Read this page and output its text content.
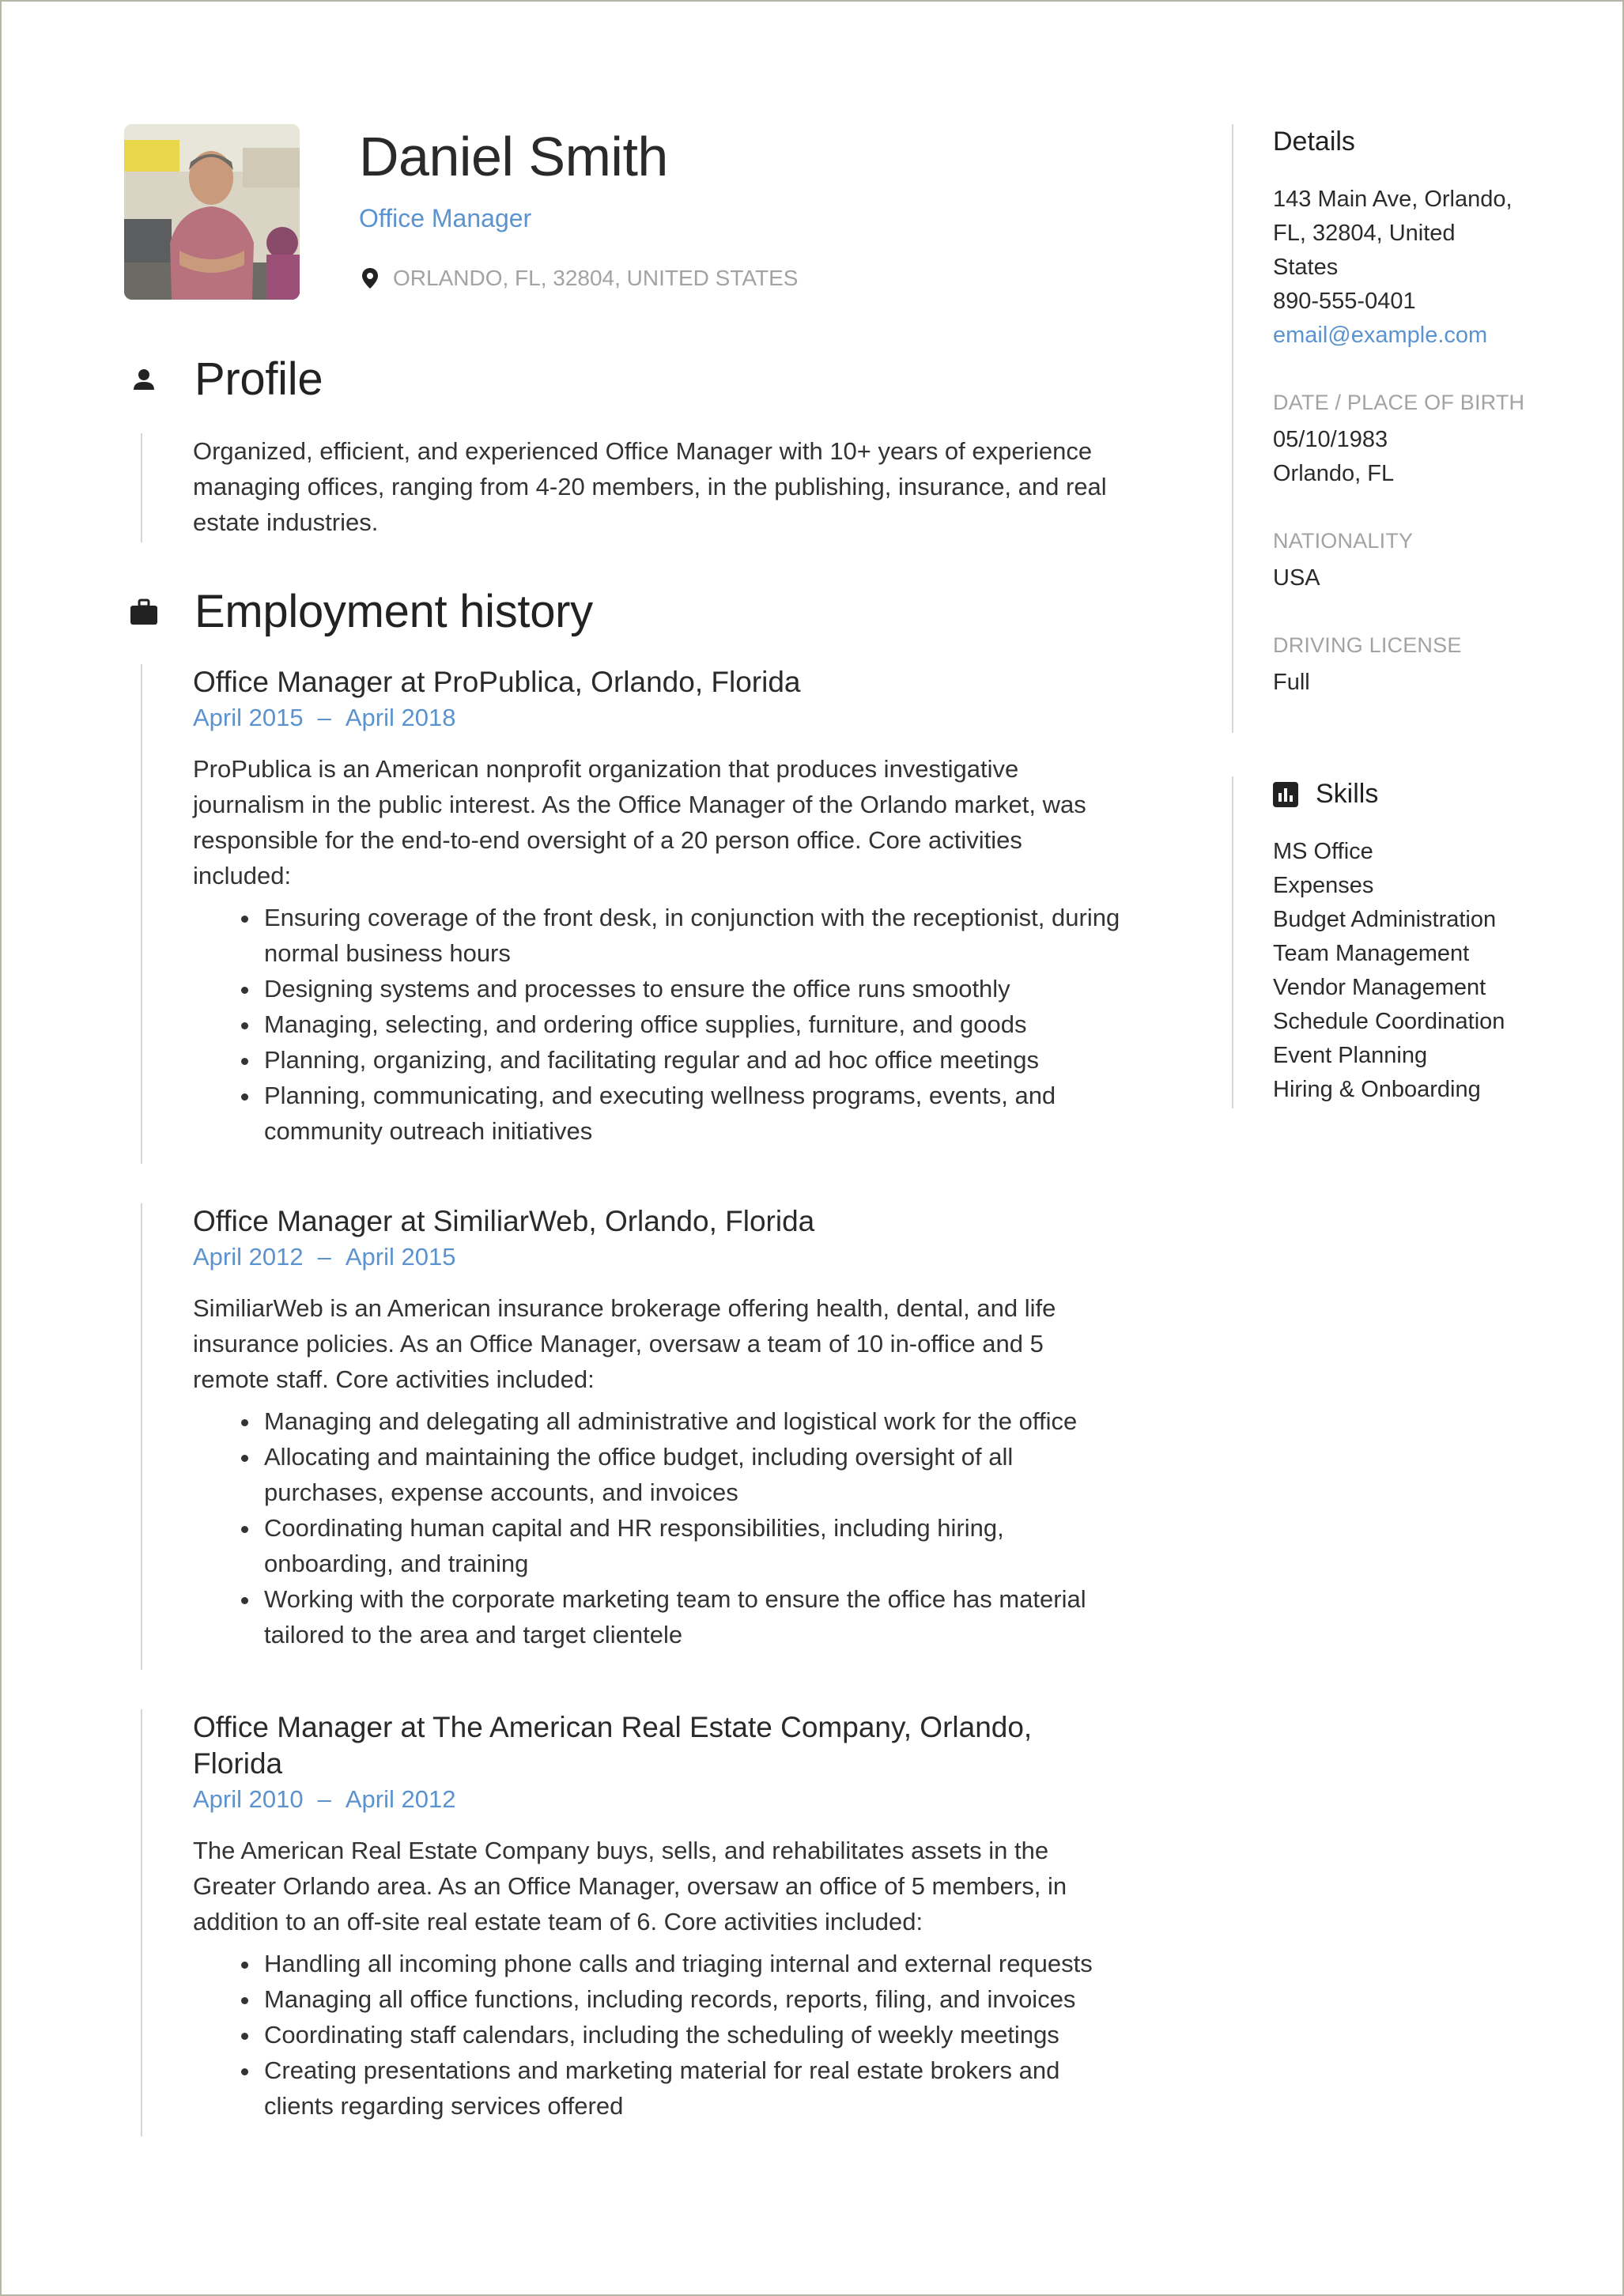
Daniel Smith
Office Manager
ORLANDO, FL, 32804, UNITED STATES
Profile

Organized, efficient, and experienced Office Manager with 10+ years of experience
managing offices, ranging from 4-20 members, in the publishing, insurance, and real
estate industries.

Employment history

Office Manager at ProPublica, Orlando, Florida

April 2015 – April 2018

ProPublica is an American nonprofit organization that produces investigative
journalism in the public interest. As the Office Manager of the Orlando market, was
responsible for the end-to-end oversight of a 20 person office. Core activities
included:

• Ensuring coverage of the front desk, in conjunction with the receptionist, during
normal business hours
• Designing systems and processes to ensure the office runs smoothly
• Managing, selecting, and ordering office supplies, furniture, and goods
• Planning, organizing, and facilitating regular and ad hoc office meetings
• Planning, communicating, and executing wellness programs, events, and
community outreach initiatives

Office Manager at SimiliarWeb, Orlando, Florida

April 2012 – April 2015

SimiliarWeb is an American insurance brokerage offering health, dental, and life
insurance policies. As an Office Manager, oversaw a team of 10 in-office and 5
remote staff. Core activities included:

• Managing and delegating all administrative and logistical work for the office
• Allocating and maintaining the office budget, including oversight of all
purchases, expense accounts, and invoices
• Coordinating human capital and HR responsibilities, including hiring,
onboarding, and training
• Working with the corporate marketing team to ensure the office has material
tailored to the area and target clientele

Office Manager at The American Real Estate Company, Orlando,
Florida

April 2010 – April 2012

The American Real Estate Company buys, sells, and rehabilitates assets in the
Greater Orlando area. As an Office Manager, oversaw an office of 5 members, in
addition to an off-site real estate team of 6. Core activities included:

• Handling all incoming phone calls and triaging internal and external requests
• Managing all office functions, including records, reports, filing, and invoices
• Coordinating staff calendars, including the scheduling of weekly meetings
• Creating presentations and marketing material for real estate brokers and
clients regarding services offered
Details
143 Main Ave, Orlando,
FL, 32804, United
States
890-555-0401
email@example.com
DATE / PLACE OF BIRTH
05/10/1983
Orlando, FL
NATIONALITY
USA
DRIVING LICENSE
Full
Skills
MS Office
Expenses
Budget Administration
Team Management
Vendor Management
Schedule Coordination
Event Planning
Hiring & Onboarding
